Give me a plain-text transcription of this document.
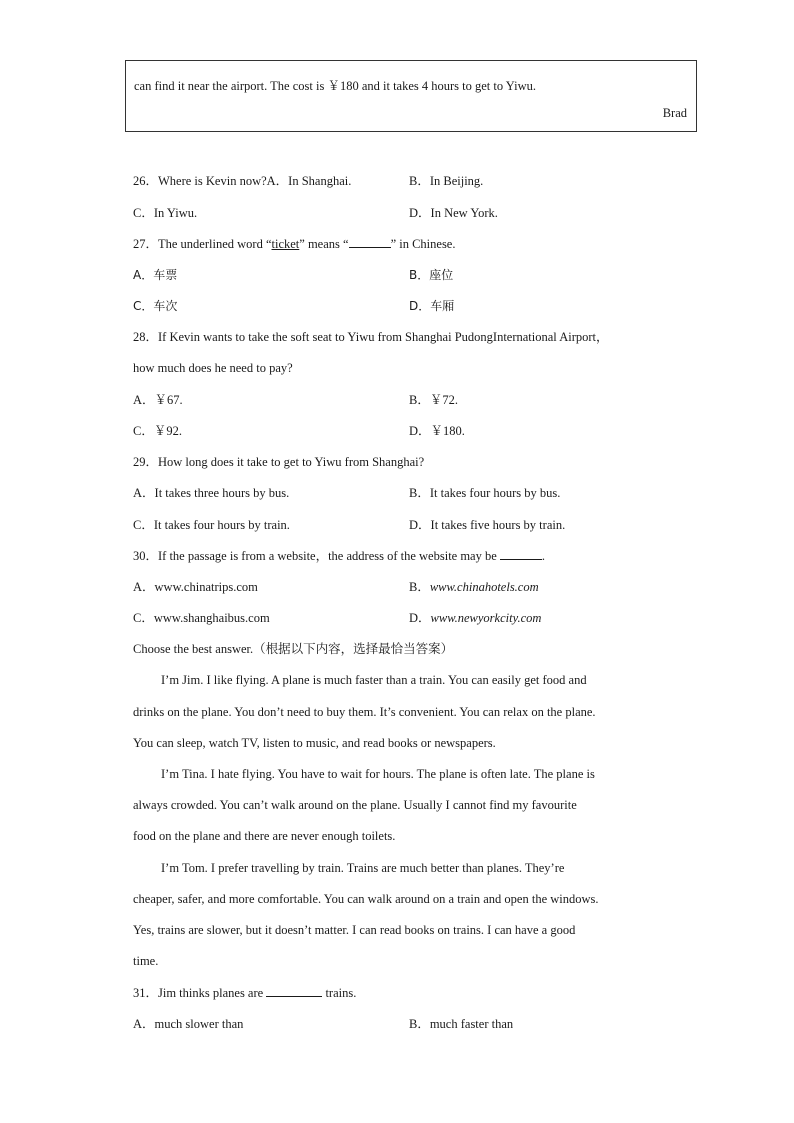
can find it near the airport. The cost is ￥180 and it takes 4 hours to get to Yiwu.
Brad
26．Where is Kevin now?A．In Shanghai.	B．In Beijing.
C．In Yiwu.	D．In New York.
27．The underlined word “ticket” means “	” in Chinese.
A．车票	B．座位
C．车次	D．车厢
28．If Kevin wants to take the soft seat to Yiwu from Shanghai PudongInternational Airport，
how much does he need to pay?
A．￥67.	B．￥72.
C．￥92.	D．￥180.
29．How long does it take to get to Yiwu from Shanghai?
A．It takes three hours by bus.	B．It takes four hours by bus.
C．It takes four hours by train.	D．It takes five hours by train.
30．If the passage is from a website，the address of the website may be	.
A．www.chinatrips.com	B．www.chinahotels.com
C．www.shanghaibus.com	D．www.newyorkcity.com
Choose the best answer.（根据以下内容，选择最恰当答案）
I’m Jim. I like flying. A plane is much faster than a train. You can easily get food and
drinks on the plane. You don’t need to buy them. It’s convenient. You can relax on the plane.
You can sleep, watch TV, listen to music, and read books or newspapers.
I’m Tina. I hate flying. You have to wait for hours. The plane is often late. The plane is
always crowded. You can’t walk around on the plane. Usually I cannot find my favourite
food on the plane and there are never enough toilets.
I’m Tom. I prefer travelling by train. Trains are much better than planes. They’re
cheaper, safer, and more comfortable. You can walk around on a train and open the windows.
Yes, trains are slower, but it doesn’t matter. I can read books on trains. I can have a good
time.
31．Jim thinks planes are	trains.
A．much slower than	B．much faster than
